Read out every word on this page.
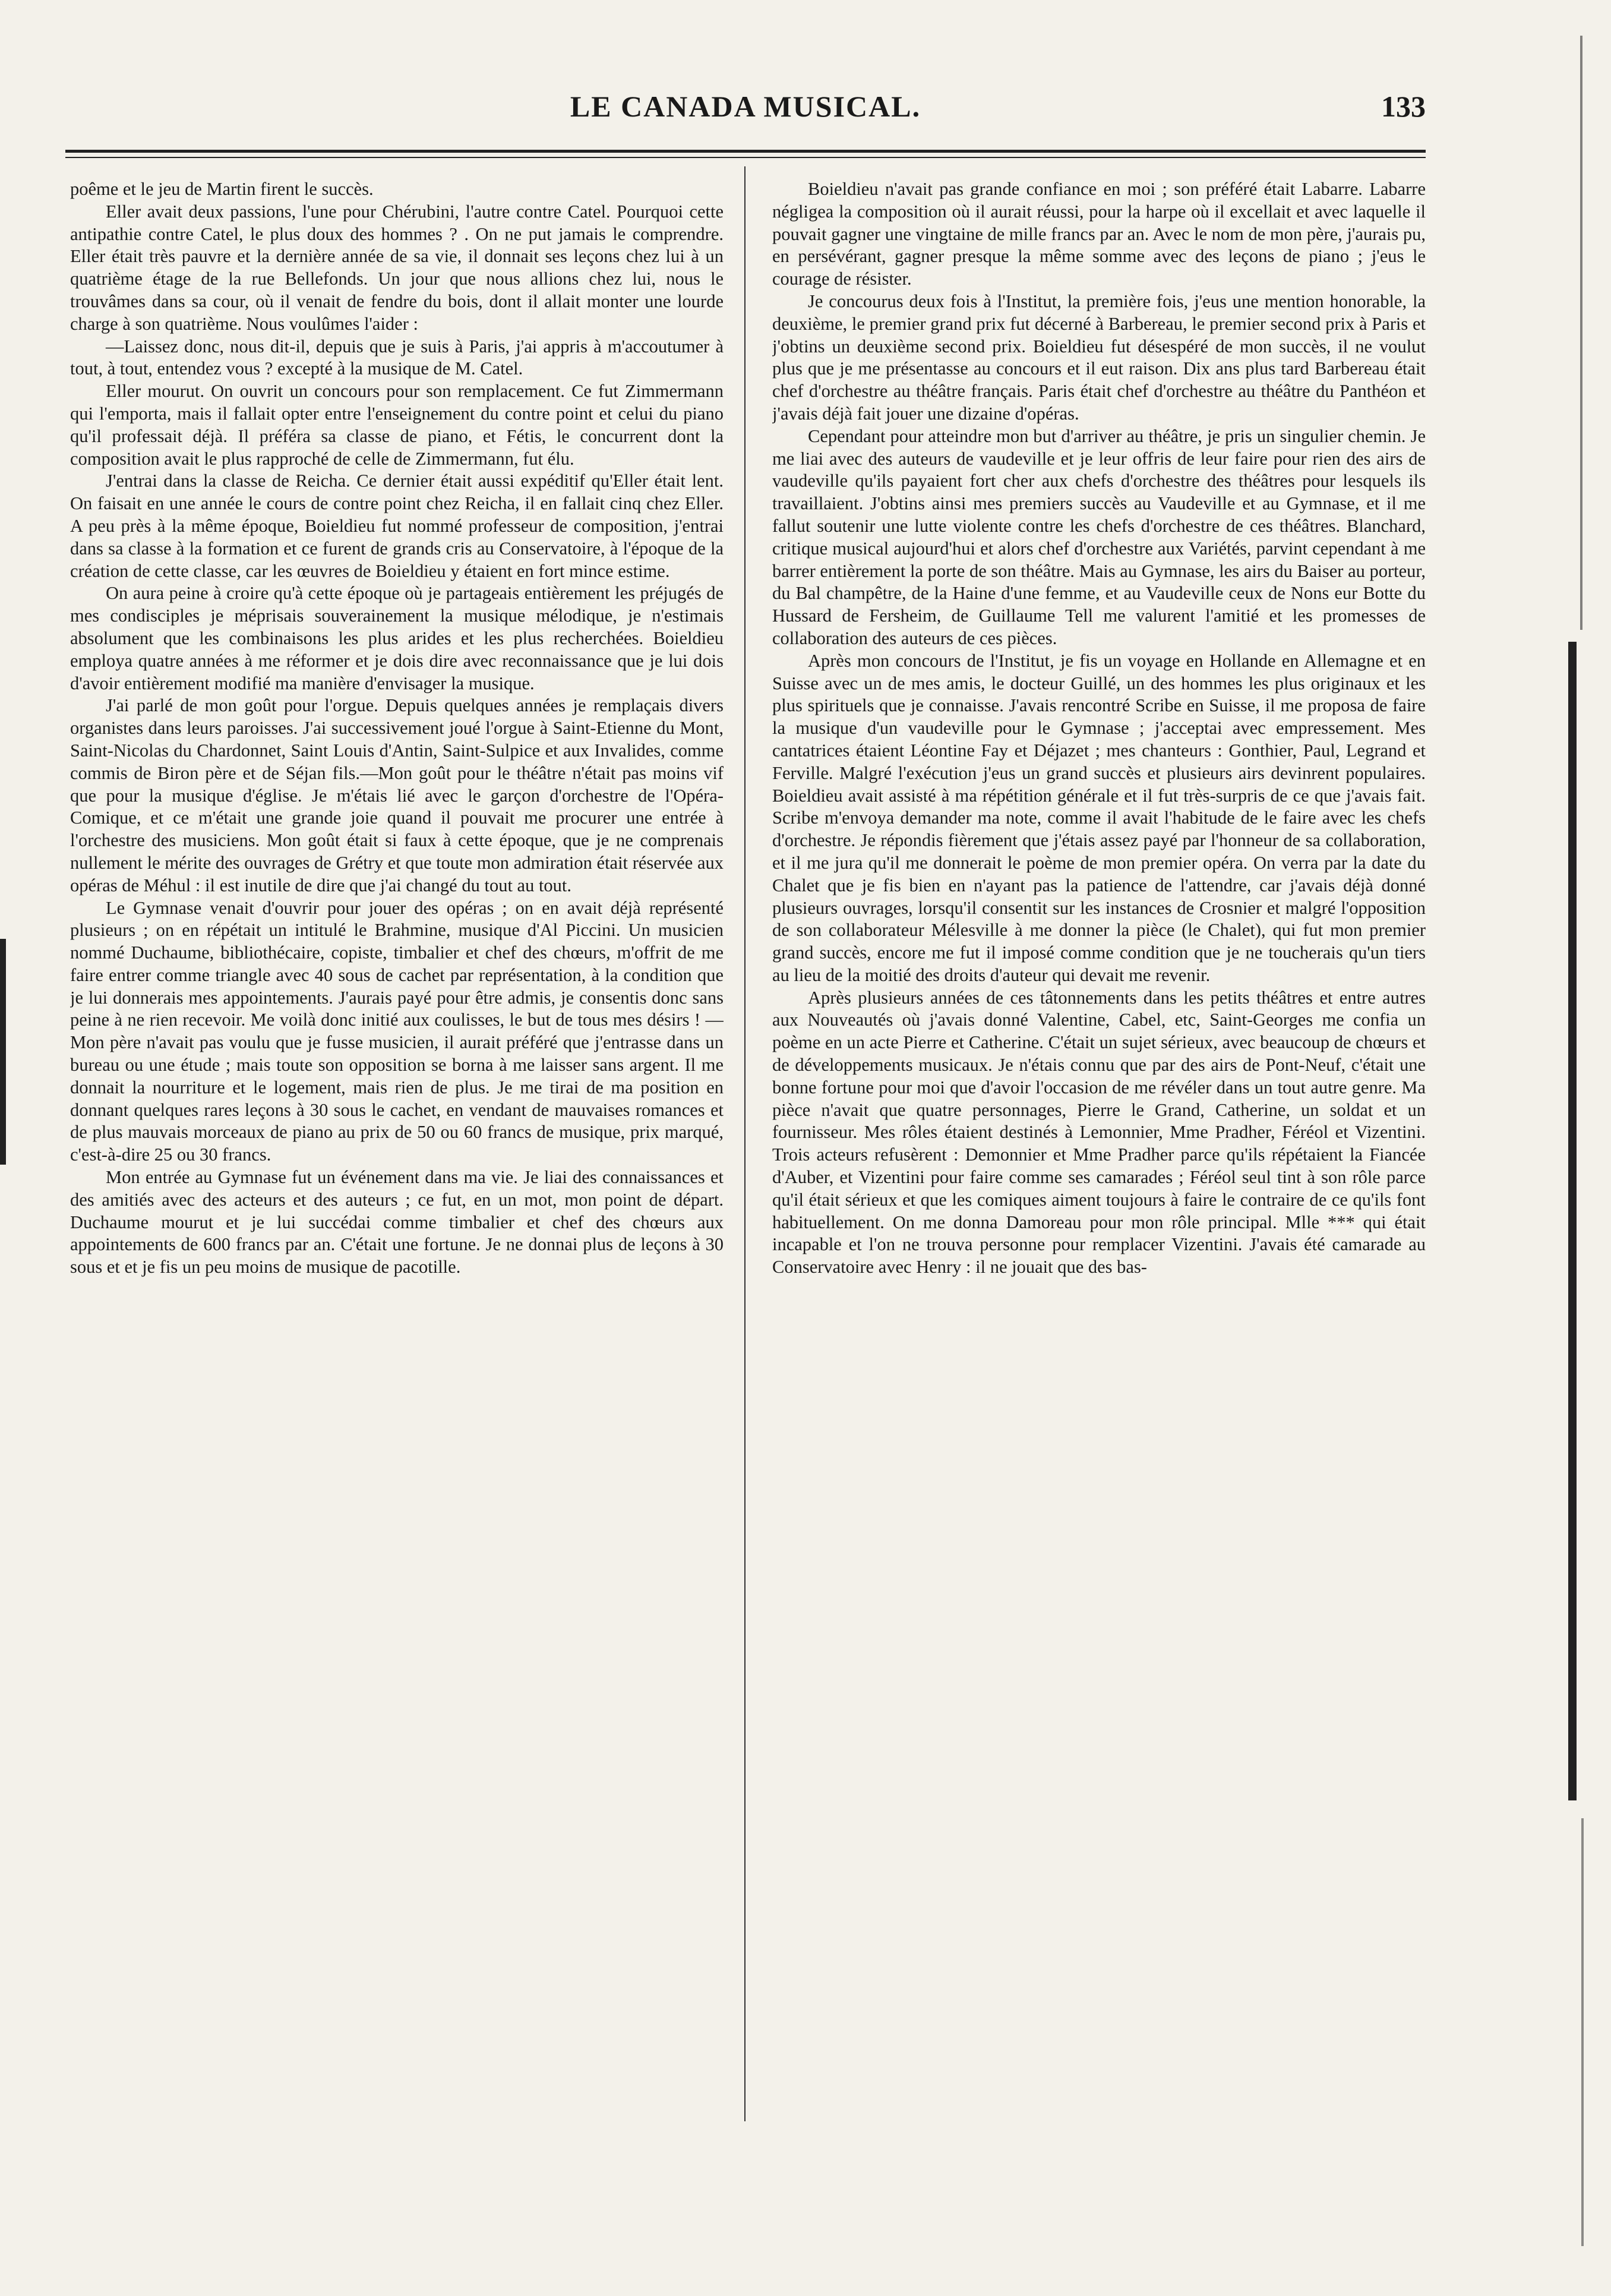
LE CANADA MUSICAL.	133

poême et le jeu de Martin firent le succès.

Eller avait deux passions, l'une pour Chérubini, l'autre contre Catel. Pourquoi cette antipathie contre Catel, le plus doux des hommes ? . On ne put jamais le comprendre. Eller était très pauvre et la dernière année de sa vie, il donnait ses leçons chez lui à un quatrième étage de la rue Bellefonds. Un jour que nous allions chez lui, nous le trouvâmes dans sa cour, où il venait de fendre du bois, dont il allait monter une lourde charge à son quatrième. Nous voulûmes l'aider :

—Laissez donc, nous dit-il, depuis que je suis à Paris, j'ai appris à m'accoutumer à tout, à tout, entendez vous ? excepté à la musique de M. Catel.

Eller mourut. On ouvrit un concours pour son remplacement. Ce fut Zimmermann qui l'emporta, mais il fallait opter entre l'enseignement du contre point et celui du piano qu'il professait déjà. Il préféra sa classe de piano, et Fétis, le concurrent dont la composition avait le plus rapproché de celle de Zimmermann, fut élu.

J'entrai dans la classe de Reicha. Ce dernier était aussi expéditif qu'Eller était lent. On faisait en une année le cours de contre point chez Reicha, il en fallait cinq chez Eller. A peu près à la même époque, Boieldieu fut nommé professeur de composition, j'entrai dans sa classe à la formation et ce furent de grands cris au Conservatoire, à l'époque de la création de cette classe, car les œuvres de Boieldieu y étaient en fort mince estime.

On aura peine à croire qu'à cette époque où je partageais entièrement les préjugés de mes condisciples je méprisais souverainement la musique mélodique, je n'estimais absolument que les combinaisons les plus arides et les plus recherchées. Boieldieu employa quatre années à me réformer et je dois dire avec reconnaissance que je lui dois d'avoir entièrement modifié ma manière d'envisager la musique.

J'ai parlé de mon goût pour l'orgue. Depuis quelques années je remplaçais divers organistes dans leurs paroisses. J'ai successivement joué l'orgue à Saint-Etienne du Mont, Saint-Nicolas du Chardonnet, Saint Louis d'Antin, Saint-Sulpice et aux Invalides, comme commis de Biron père et de Séjan fils.—Mon goût pour le théâtre n'était pas moins vif que pour la musique d'église. Je m'étais lié avec le garçon d'orchestre de l'Opéra-Comique, et ce m'était une grande joie quand il pouvait me procurer une entrée à l'orchestre des musiciens. Mon goût était si faux à cette époque, que je ne comprenais nullement le mérite des ouvrages de Grétry et que toute mon admiration était réservée aux opéras de Méhul : il est inutile de dire que j'ai changé du tout au tout.

Le Gymnase venait d'ouvrir pour jouer des opéras ; on en avait déjà représenté plusieurs ; on en répétait un intitulé le Brahmine, musique d'Al Piccini. Un musicien nommé Duchaume, bibliothécaire, copiste, timbalier et chef des chœurs, m'offrit de me faire entrer comme triangle avec 40 sous de cachet par représentation, à la condition que je lui donnerais mes appointements. J'aurais payé pour être admis, je consentis donc sans peine à ne rien recevoir. Me voilà donc initié aux coulisses, le but de tous mes désirs ! — Mon père n'avait pas voulu que je fusse musicien, il aurait préféré que j'entrasse dans un bureau ou une étude ; mais toute son opposition se borna à me laisser sans argent. Il me donnait la nourriture et le logement, mais rien de plus. Je me tirai de ma position en donnant quelques rares leçons à 30 sous le cachet, en vendant de mauvaises romances et de plus mauvais morceaux de piano au prix de 50 ou 60 francs de musique, prix marqué, c'est-à-dire 25 ou 30 francs.

Mon entrée au Gymnase fut un événement dans ma vie. Je liai des connaissances et des amitiés avec des acteurs et des auteurs ; ce fut, en un mot, mon point de départ. Duchaume mourut et je lui succédai comme timbalier et chef des chœurs aux appointements de 600 francs par an. C'était une fortune. Je ne donnai plus de leçons à 30 sous et et je fis un peu moins de musique de pacotille.

Boieldieu n'avait pas grande confiance en moi ; son préféré était Labarre. Labarre négligea la composition où il aurait réussi, pour la harpe où il excellait et avec laquelle il pouvait gagner une vingtaine de mille francs par an. Avec le nom de mon père, j'aurais pu, en persévérant, gagner presque la même somme avec des leçons de piano ; j'eus le courage de résister.

Je concourus deux fois à l'Institut, la première fois, j'eus une mention honorable, la deuxième, le premier grand prix fut décerné à Barbereau, le premier second prix à Paris et j'obtins un deuxième second prix. Boieldieu fut désespéré de mon succès, il ne voulut plus que je me présentasse au concours et il eut raison. Dix ans plus tard Barbereau était chef d'orchestre au théâtre français. Paris était chef d'orchestre au théâtre du Panthéon et j'avais déjà fait jouer une dizaine d'opéras.

Cependant pour atteindre mon but d'arriver au théâtre, je pris un singulier chemin. Je me liai avec des auteurs de vaudeville et je leur offris de leur faire pour rien des airs de vaudeville qu'ils payaient fort cher aux chefs d'orchestre des théâtres pour lesquels ils travaillaient. J'obtins ainsi mes premiers succès au Vaudeville et au Gymnase, et il me fallut soutenir une lutte violente contre les chefs d'orchestre de ces théâtres. Blanchard, critique musical aujourd'hui et alors chef d'orchestre aux Variétés, parvint cependant à me barrer entièrement la porte de son théâtre. Mais au Gymnase, les airs du Baiser au porteur, du Bal champêtre, de la Haine d'une femme, et au Vaudeville ceux de Nons eur Botte du Hussard de Fersheim, de Guillaume Tell me valurent l'amitié et les promesses de collaboration des auteurs de ces pièces.

Après mon concours de l'Institut, je fis un voyage en Hollande en Allemagne et en Suisse avec un de mes amis, le docteur Guillé, un des hommes les plus originaux et les plus spirituels que je connaisse. J'avais rencontré Scribe en Suisse, il me proposa de faire la musique d'un vaudeville pour le Gymnase ; j'acceptai avec empressement. Mes cantatrices étaient Léontine Fay et Déjazet ; mes chanteurs : Gonthier, Paul, Legrand et Ferville. Malgré l'exécution j'eus un grand succès et plusieurs airs devinrent populaires. Boieldieu avait assisté à ma répétition générale et il fut très-surpris de ce que j'avais fait. Scribe m'envoya demander ma note, comme il avait l'habitude de le faire avec les chefs d'orchestre. Je répondis fièrement que j'étais assez payé par l'honneur de sa collaboration, et il me jura qu'il me donnerait le poème de mon premier opéra. On verra par la date du Chalet que je fis bien en n'ayant pas la patience de l'attendre, car j'avais déjà donné plusieurs ouvrages, lorsqu'il consentit sur les instances de Crosnier et malgré l'opposition de son collaborateur Mélesville à me donner la pièce (le Chalet), qui fut mon premier grand succès, encore me fut il imposé comme condition que je ne toucherais qu'un tiers au lieu de la moitié des droits d'auteur qui devait me revenir.

Après plusieurs années de ces tâtonnements dans les petits théâtres et entre autres aux Nouveautés où j'avais donné Valentine, Cabel, etc, Saint-Georges me confia un poème en un acte Pierre et Catherine. C'était un sujet sérieux, avec beaucoup de chœurs et de développements musicaux. Je n'étais connu que par des airs de Pont-Neuf, c'était une bonne fortune pour moi que d'avoir l'occasion de me révéler dans un tout autre genre. Ma pièce n'avait que quatre personnages, Pierre le Grand, Catherine, un soldat et un fournisseur. Mes rôles étaient destinés à Lemonnier, Mme Pradher, Féréol et Vizentini. Trois acteurs refusèrent : Demonnier et Mme Pradher parce qu'ils répétaient la Fiancée d'Auber, et Vizentini pour faire comme ses camarades ; Féréol seul tint à son rôle parce qu'il était sérieux et que les comiques aiment toujours à faire le contraire de ce qu'ils font habituellement. On me donna Damoreau pour mon rôle principal. Mlle *** qui était incapable et l'on ne trouva personne pour remplacer Vizentini. J'avais été camarade au Conservatoire avec Henry : il ne jouait que des bas-
